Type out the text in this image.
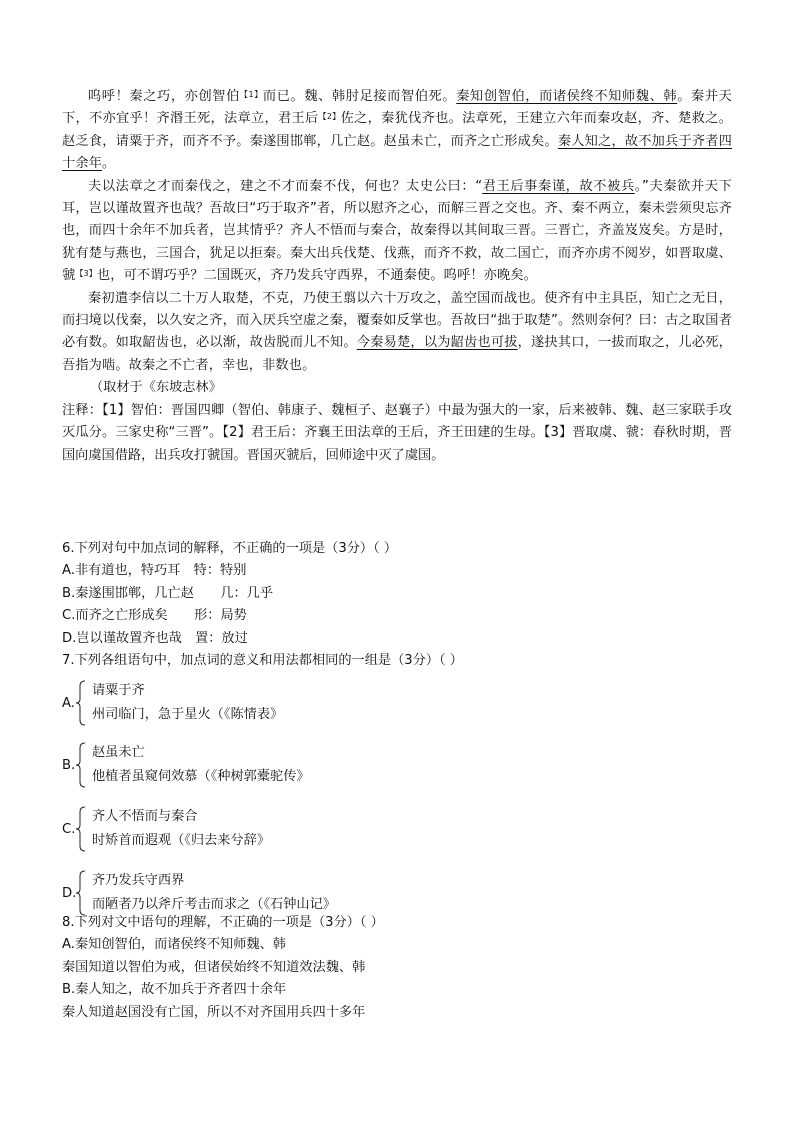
呜呼！秦之巧，亦创智伯$^{【1】}$而已。魏、韩肘足接而智伯死。秦知创智伯，而诸侯终不知师魏、韩。秦并天下，不亦宜乎！齐湣王死，法章立，君王后$^{【2】}$佐之，秦犹伐齐也。法章死，王建立六年而秦攻赵，齐、楚救之。赵乏食，请粟于齐，而齐不予。秦遂围邯郸，几亡赵。赵虽未亡，而齐之亡形成矣。秦人知之，故不加兵于齐者四十余年。

夫以法章之才而秦伐之，建之不才而秦不伐，何也？太史公曰：“君王后事秦谨，故不被兵。”夫秦欲并天下耳，岂以谨故置齐也哉？吾故曰“巧于取齐”者，所以慰齐之心，而解三晋之交也。齐、秦不两立，秦未尝须臾忘齐也，而四十余年不加兵者，岂其情乎？齐人不悟而与秦合，故秦得以其间取三晋。三晋亡，齐盖岌岌矣。方是时，犹有楚与燕也，三国合，犹足以拒秦。秦大出兵伐楚、伐燕，而齐不救，故二国亡，而齐亦虏不阅岁，如晋取虞、虢$^{【3】}$也，可不谓巧乎？二国既灭，齐乃发兵守西界，不通秦使。呜呼！亦晚矣。

秦初遣李信以二十万人取楚，不克，乃使王翦以六十万攻之，盖空国而战也。使齐有中主具臣，知亡之无日，而扫境以伐秦，以久安之齐，而入厌兵空虚之秦，覆秦如反掌也。吾故曰“拙于取楚”。然则奈何？曰：古之取国者必有数。如取龆齿也，必以渐，故齿脱而儿不知。今秦易楚，以为龆齿也可拔，遂抉其口，一拔而取之，儿必死，吾指为啮。故秦之不亡者，幸也，非数也。

（取材于《东坡志林》

注释：【1】智伯：晋国四卿（智伯、韩康子、魏桓子、赵襄子）中最为强大的一家，后来被韩、魏、赵三家联手攻灭瓜分。三家史称“三晋”。【2】君王后：齐襄王田法章的王后，齐王田建的生母。【3】晋取虞、虢：春秋时期，晋国向虞国借路，出兵攻打虢国。晋国灭虢后，回师途中灭了虞国。

6.下列对句中加点词的解释，不正确的一项是（3分）（ ）

A.非有道也，特巧耳　特：特别

B.秦遂围邯郸，几亡赵　　几：几乎

C.而齐之亡形成矣　　形：局势

D.岂以谨故置齐也哉　置：放过

7.下列各组语句中，加点词的意义和用法都相同的一组是（3分）（ ）

A.
请粟于齐
州司临门，急于星火（《陈情表》
B.
赵虽未亡
他植者虽窥伺效慕（《种树郭橐驼传》
C.
齐人不悟而与秦合
时矫首而遐观（《归去来兮辞》
D.
齐乃发兵守西界
而陋者乃以斧斤考击而求之（《石钟山记》

8.下列对文中语句的理解，不正确的一项是（3分）（ ）

A.秦知创智伯，而诸侯终不知师魏、韩

秦国知道以智伯为戒，但诸侯始终不知道效法魏、韩

B.秦人知之，故不加兵于齐者四十余年

秦人知道赵国没有亡国，所以不对齐国用兵四十多年
